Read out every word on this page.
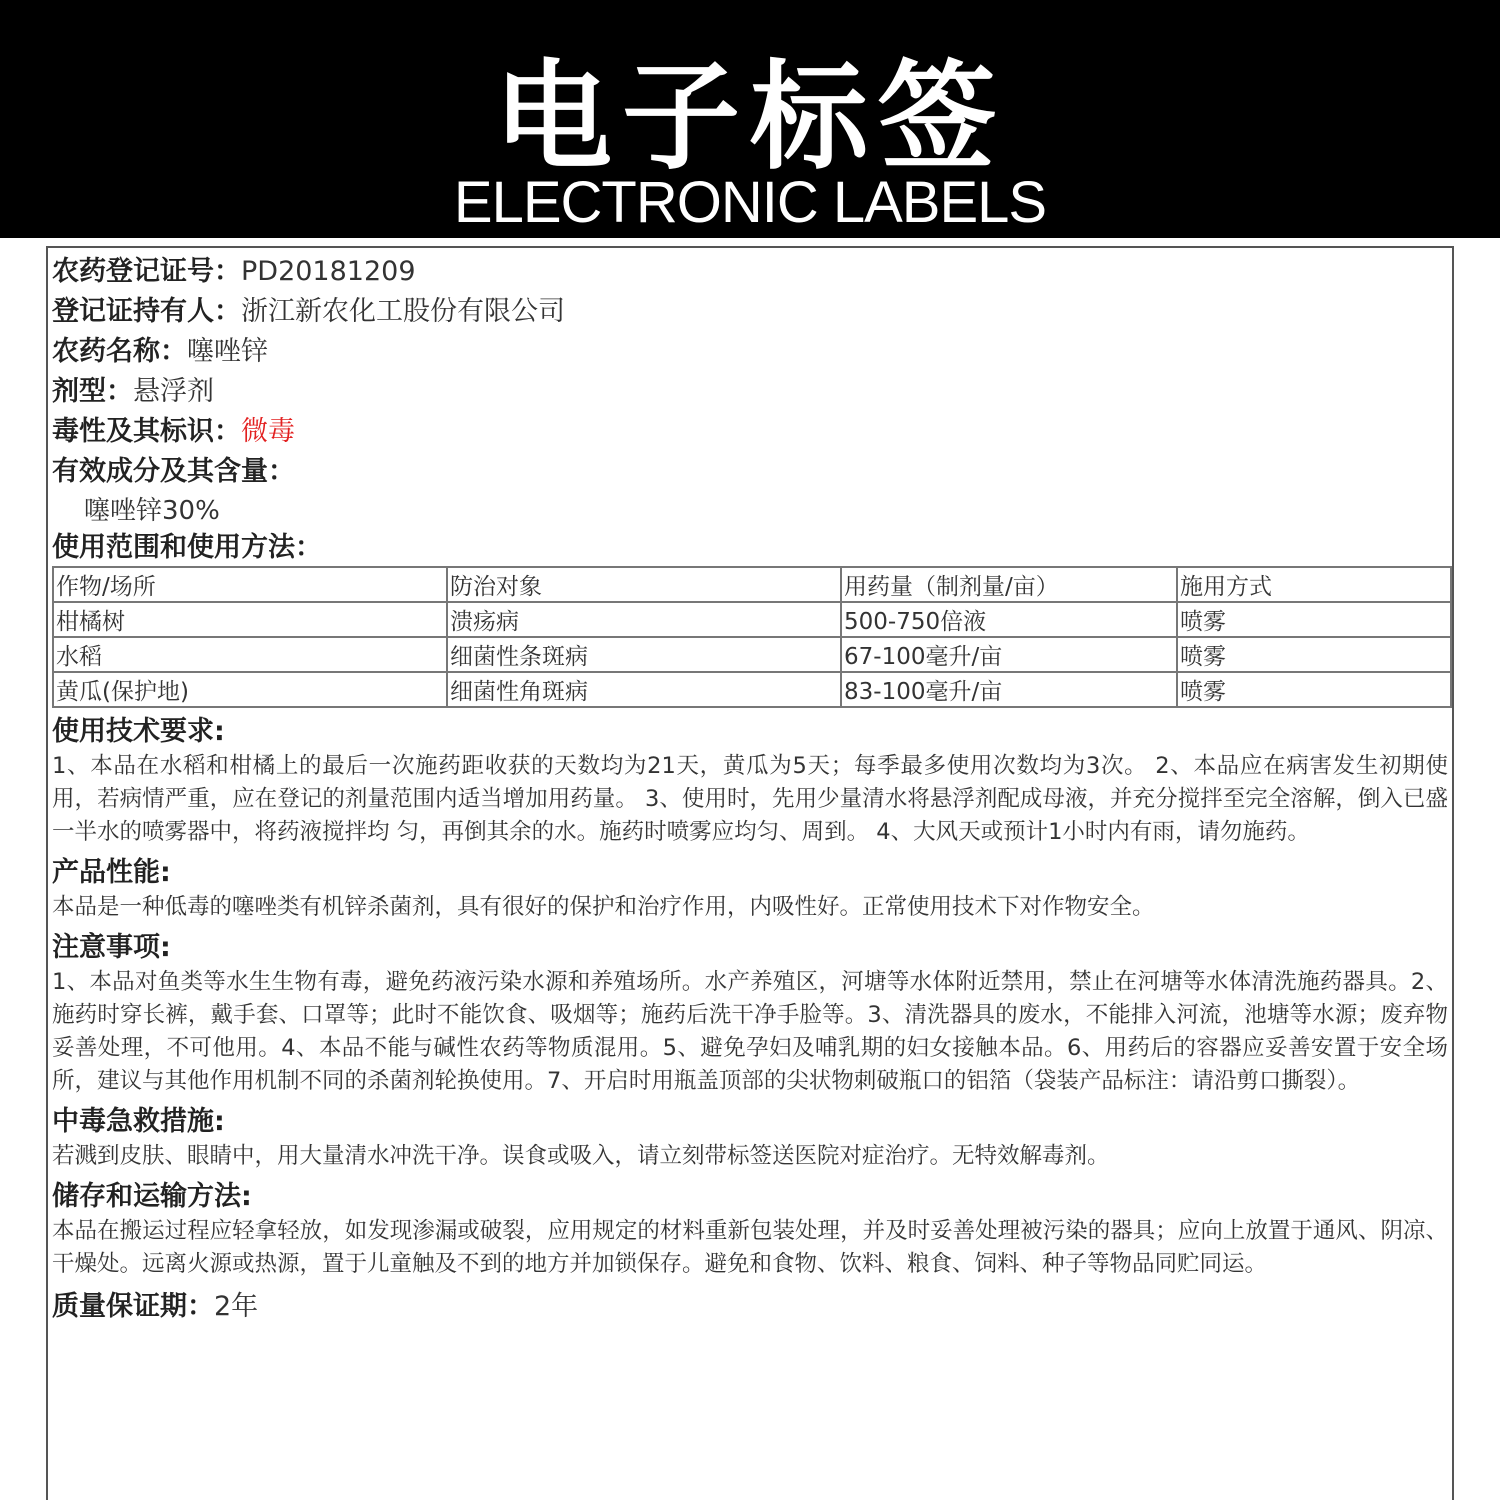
电子标签
ELECTRONIC LABELS
农药登记证号：PD20181209
登记证持有人：浙江新农化工股份有限公司
农药名称：噻唑锌
剂型：悬浮剂
毒性及其标识：微毒
有效成分及其含量：
噻唑锌30%
使用范围和使用方法：
作物/场所	防治对象	用药量（制剂量/亩）	施用方式
柑橘树	溃疡病	500-750倍液	喷雾
水稻	细菌性条斑病	67-100毫升/亩	喷雾
黄瓜(保护地)	细菌性角斑病	83-100毫升/亩	喷雾
使用技术要求:
1、本品在水稻和柑橘上的最后一次施药距收获的天数均为21天，黄瓜为5天；每季最多使用次数均为3次。 2、本品应在病害发生初期使用，若病情严重，应在登记的剂量范围内适当增加用药量。 3、使用时，先用少量清水将悬浮剂配成母液，并充分搅拌至完全溶解，倒入已盛一半水的喷雾器中，将药液搅拌均 匀，再倒其余的水。施药时喷雾应均匀、周到。 4、大风天或预计1小时内有雨，请勿施药。
产品性能:
本品是一种低毒的噻唑类有机锌杀菌剂，具有很好的保护和治疗作用，内吸性好。正常使用技术下对作物安全。
注意事项:
1、本品对鱼类等水生生物有毒，避免药液污染水源和养殖场所。水产养殖区，河塘等水体附近禁用，禁止在河塘等水体清洗施药器具。2、施药时穿长裤，戴手套、口罩等；此时不能饮食、吸烟等；施药后洗干净手脸等。3、清洗器具的废水，不能排入河流，池塘等水源；废弃物妥善处理，不可他用。4、本品不能与碱性农药等物质混用。5、避免孕妇及哺乳期的妇女接触本品。6、用药后的容器应妥善安置于安全场所，建议与其他作用机制不同的杀菌剂轮换使用。7、开启时用瓶盖顶部的尖状物刺破瓶口的铝箔（袋装产品标注：请沿剪口撕裂）。
中毒急救措施:
若溅到皮肤、眼睛中，用大量清水冲洗干净。误食或吸入，请立刻带标签送医院对症治疗。无特效解毒剂。
储存和运输方法:
本品在搬运过程应轻拿轻放，如发现渗漏或破裂，应用规定的材料重新包装处理，并及时妥善处理被污染的器具；应向上放置于通风、阴凉、干燥处。远离火源或热源，置于儿童触及不到的地方并加锁保存。避免和食物、饮料、粮食、饲料、种子等物品同贮同运。
质量保证期：2年
